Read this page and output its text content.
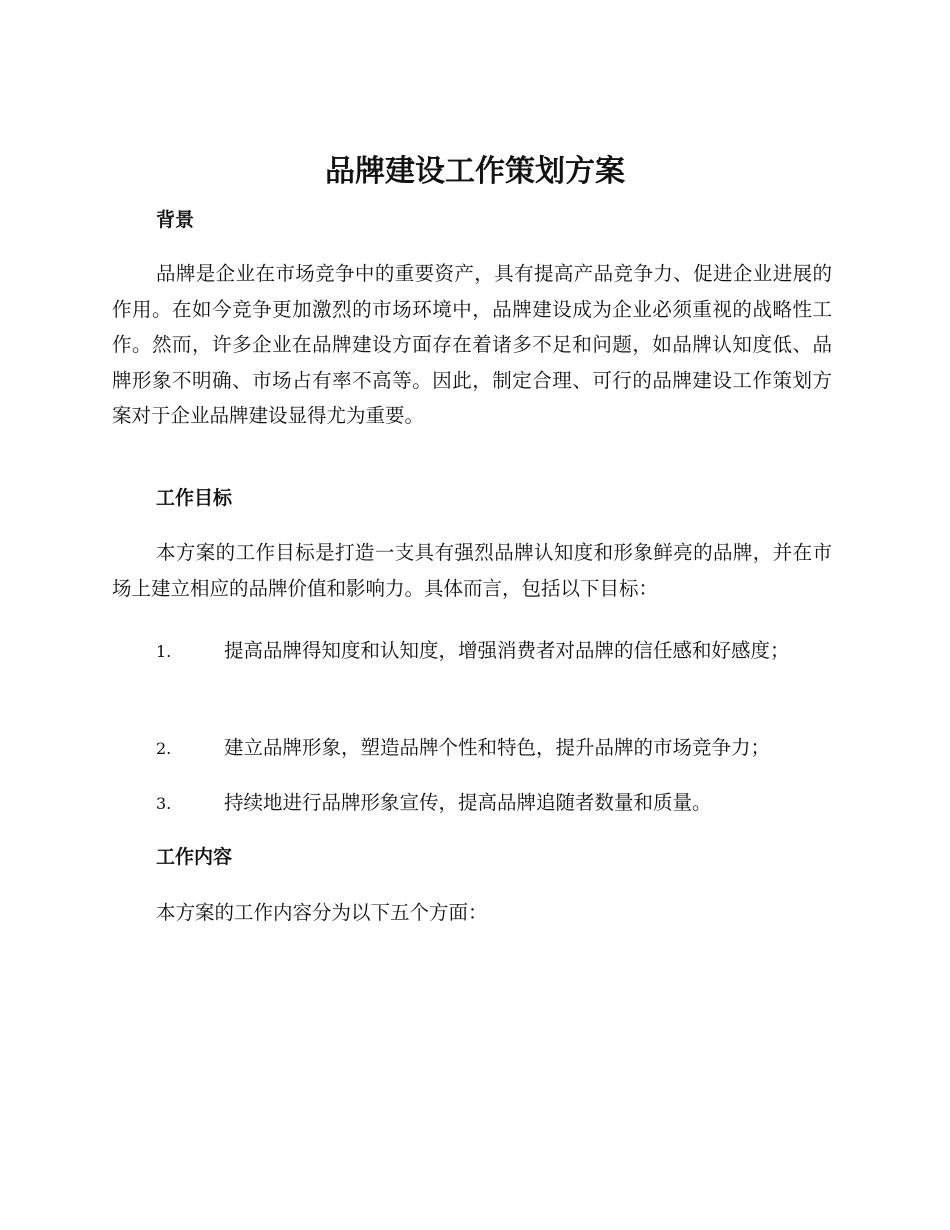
品牌建设工作策划方案
背景

品牌是企业在市场竞争中的重要资产，具有提高产品竞争力、促进企业进展的作用。在如今竞争更加激烈的市场环境中，品牌建设成为企业必须重视的战略性工作。然而，许多企业在品牌建设方面存在着诸多不足和问题，如品牌认知度低、品牌形象不明确、市场占有率不高等。因此，制定合理、可行的品牌建设工作策划方案对于企业品牌建设显得尤为重要。

工作目标

本方案的工作目标是打造一支具有强烈品牌认知度和形象鲜亮的品牌，并在市场上建立相应的品牌价值和影响力。具体而言，包括以下目标：

1.	提高品牌得知度和认知度，增强消费者对品牌的信任感和好感度；

2.	建立品牌形象，塑造品牌个性和特色，提升品牌的市场竞争力；

3.	持续地进行品牌形象宣传，提高品牌追随者数量和质量。

工作内容

本方案的工作内容分为以下五个方面：
